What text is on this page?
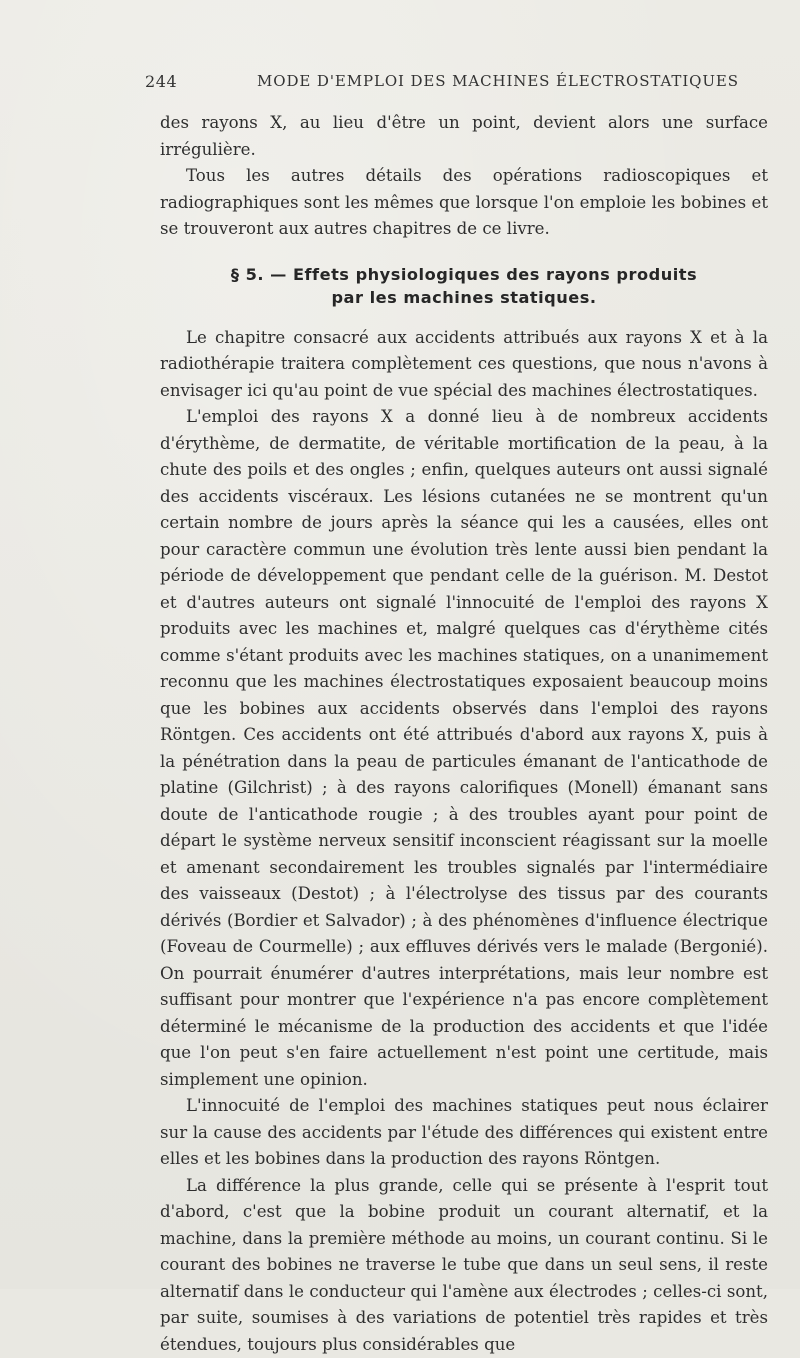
244	MODE D'EMPLOI DES MACHINES ÉLECTROSTATIQUES

des rayons X, au lieu d'être un point, devient alors une surface irrégulière.

Tous les autres détails des opérations radioscopiques et radiographiques sont les mêmes que lorsque l'on emploie les bobines et se trouveront aux autres chapitres de ce livre.

§ 5. — Effets physiologiques des rayons produits
par les machines statiques.

Le chapitre consacré aux accidents attribués aux rayons X et à la radiothérapie traitera complètement ces questions, que nous n'avons à envisager ici qu'au point de vue spécial des machines électrostatiques.

L'emploi des rayons X a donné lieu à de nombreux accidents d'érythème, de dermatite, de véritable mortification de la peau, à la chute des poils et des ongles ; enfin, quelques auteurs ont aussi signalé des accidents viscéraux. Les lésions cutanées ne se montrent qu'un certain nombre de jours après la séance qui les a causées, elles ont pour caractère commun une évolution très lente aussi bien pendant la période de développement que pendant celle de la guérison. M. Destot et d'autres auteurs ont signalé l'innocuité de l'emploi des rayons X produits avec les machines et, malgré quelques cas d'érythème cités comme s'étant produits avec les machines statiques, on a unanimement reconnu que les machines électrostatiques exposaient beaucoup moins que les bobines aux accidents observés dans l'emploi des rayons Röntgen. Ces accidents ont été attribués d'abord aux rayons X, puis à la pénétration dans la peau de particules émanant de l'anticathode de platine (Gilchrist) ; à des rayons calorifiques (Monell) émanant sans doute de l'anticathode rougie ; à des troubles ayant pour point de départ le système nerveux sensitif inconscient réagissant sur la moelle et amenant secondairement les troubles signalés par l'intermédiaire des vaisseaux (Destot) ; à l'électrolyse des tissus par des courants dérivés (Bordier et Salvador) ; à des phénomènes d'influence électrique (Foveau de Courmelle) ; aux effluves dérivés vers le malade (Bergonié). On pourrait énumérer d'autres interprétations, mais leur nombre est suffisant pour montrer que l'expérience n'a pas encore complètement déterminé le mécanisme de la production des accidents et que l'idée que l'on peut s'en faire actuellement n'est point une certitude, mais simplement une opinion.

L'innocuité de l'emploi des machines statiques peut nous éclairer sur la cause des accidents par l'étude des différences qui existent entre elles et les bobines dans la production des rayons Röntgen.

La différence la plus grande, celle qui se présente à l'esprit tout d'abord, c'est que la bobine produit un courant alternatif, et la machine, dans la première méthode au moins, un courant continu. Si le courant des bobines ne traverse le tube que dans un seul sens, il reste alternatif dans le conducteur qui l'amène aux électrodes ; celles-ci sont, par suite, soumises à des variations de potentiel très rapides et très étendues, toujours plus considérables que
